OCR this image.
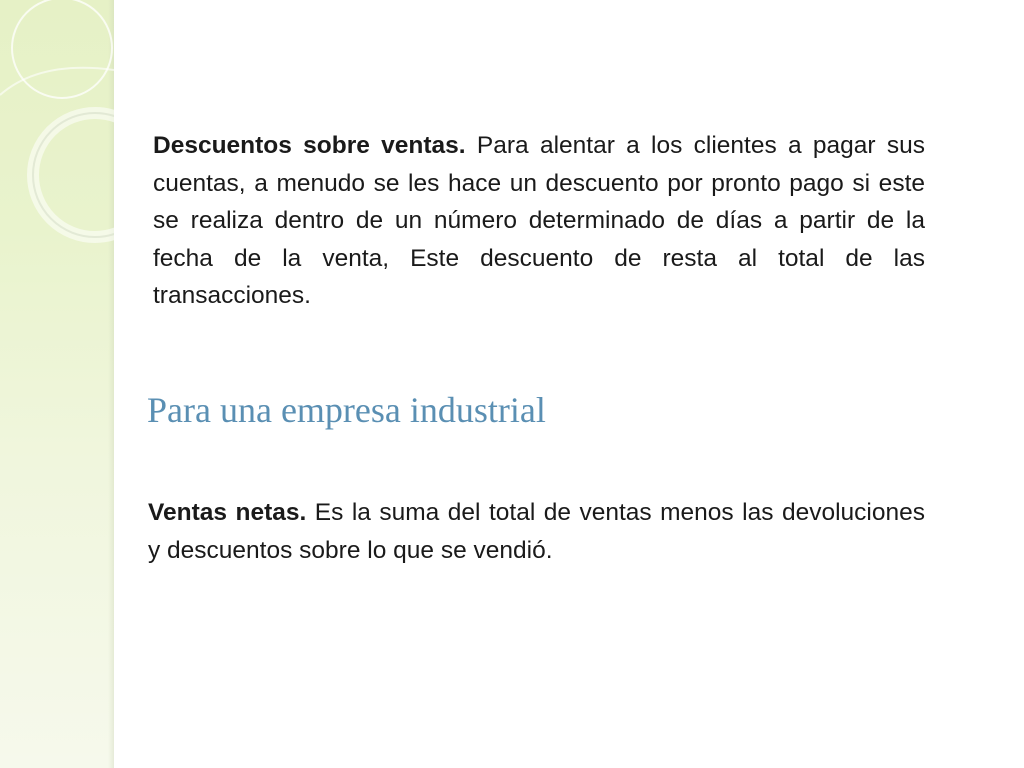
Descuentos sobre ventas. Para alentar a los clientes a pagar sus cuentas, a menudo se les hace un descuento por pronto pago si este se realiza dentro de un número determinado de días a partir de la fecha de la venta, Este descuento de resta al total de las transacciones.

Para una empresa industrial

Ventas netas. Es la suma del total de ventas menos las devoluciones y descuentos sobre lo que se vendió.
